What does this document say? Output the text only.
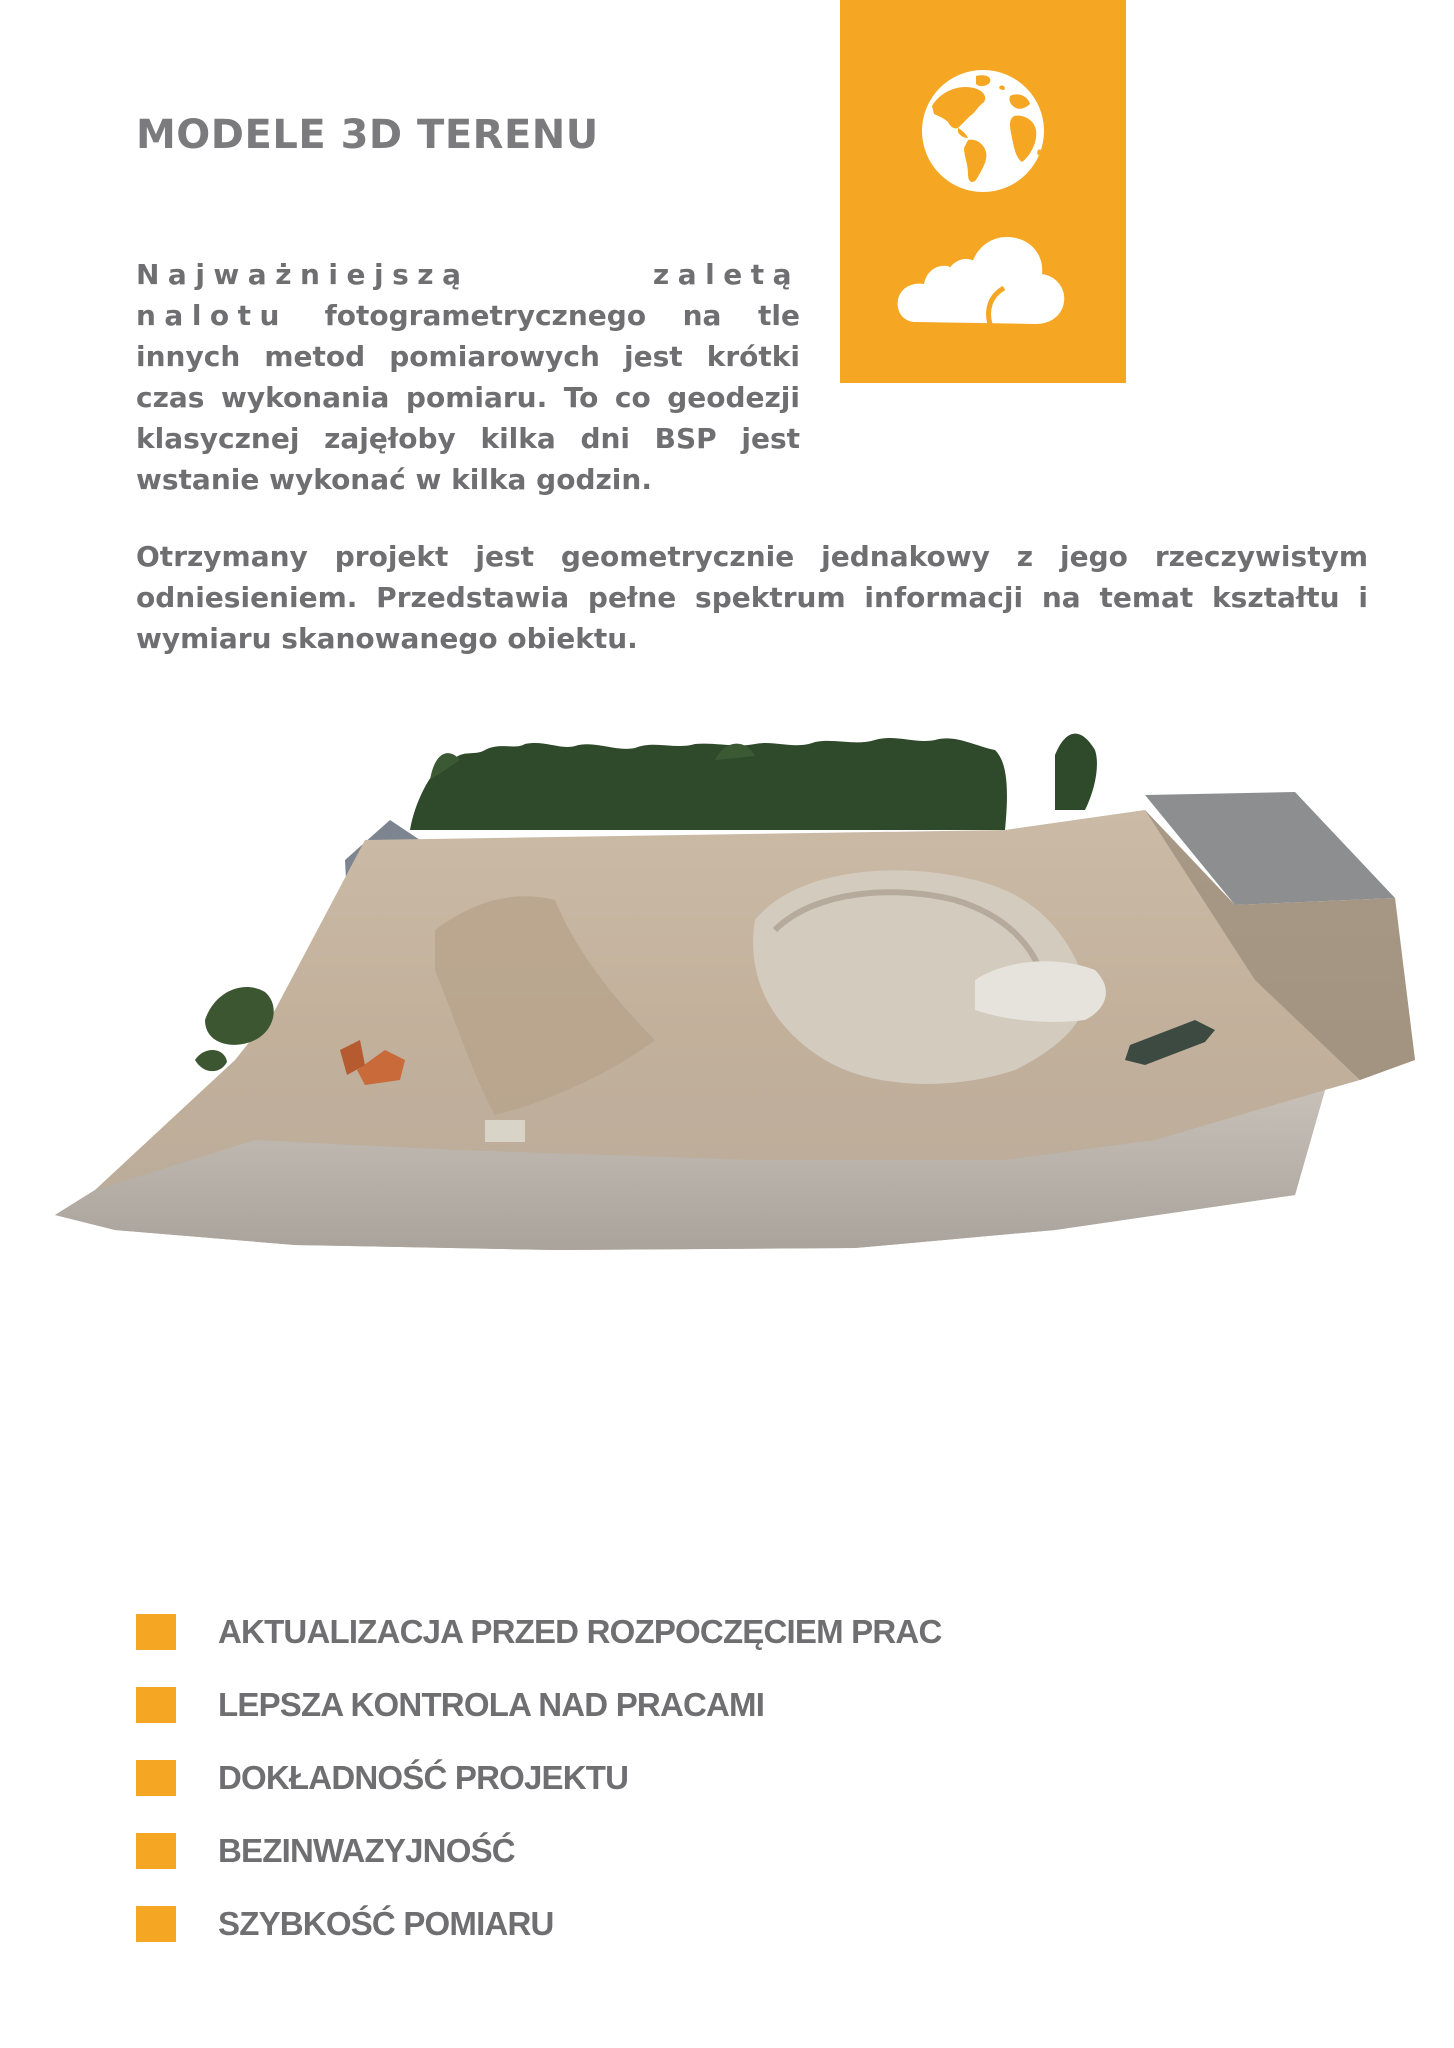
MODELE 3D TERENU

Najważniejszą zaletą nalotu fotogrametrycznego na tle innych metod pomiarowych jest krótki czas wykonania pomiaru. To co geodezji klasycznej zajęłoby kilka dni BSP jest wstanie wykonać w kilka godzin.

Otrzymany projekt jest geometrycznie jednakowy z jego rzeczywistym odniesieniem. Przedstawia pełne spektrum informacji na temat kształtu i wymiaru skanowanego obiektu.

AKTUALIZACJA PRZED ROZPOCZĘCIEM PRAC
LEPSZA KONTROLA NAD PRACAMI
DOKŁADNOŚĆ PROJEKTU
BEZINWAZYJNOŚĆ
SZYBKOŚĆ POMIARU
